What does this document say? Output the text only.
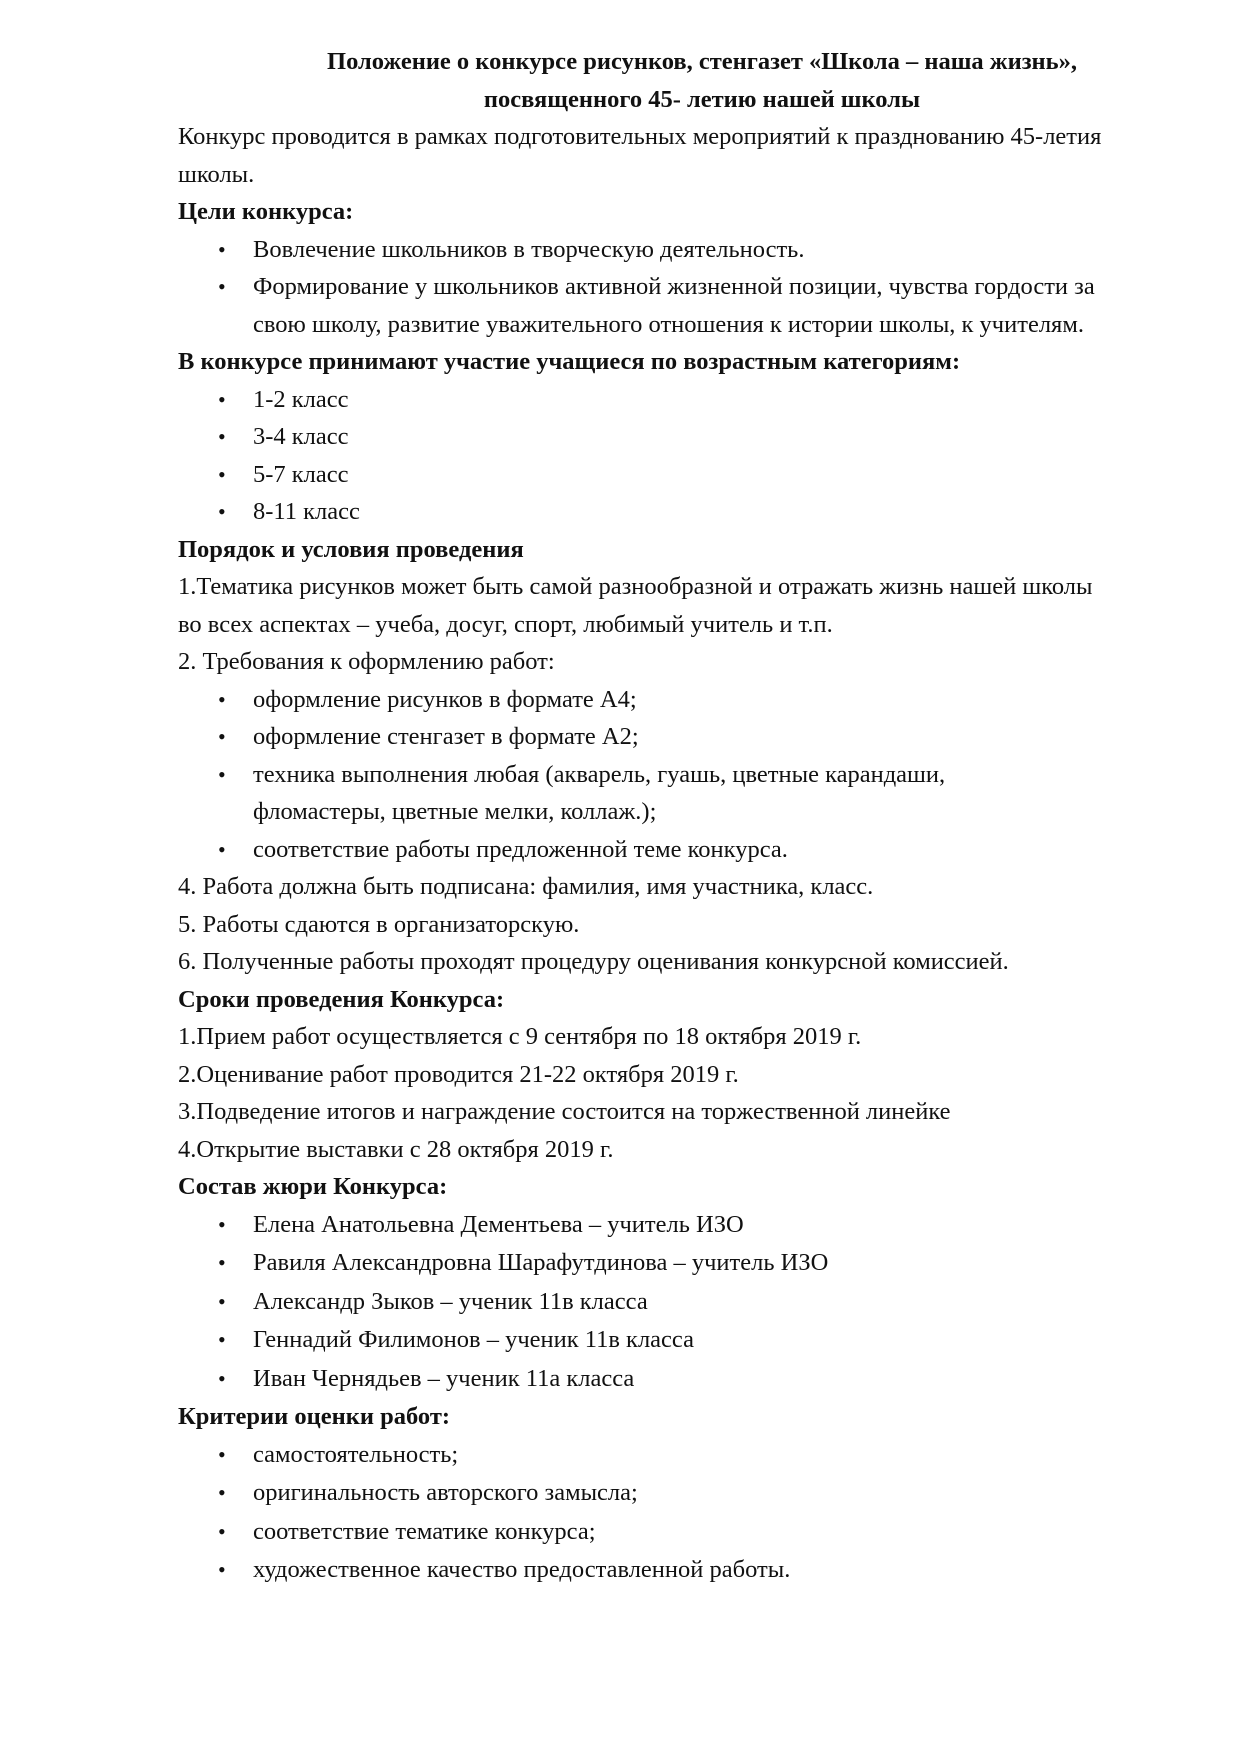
Положение о конкурсе рисунков, стенгазет «Школа – наша жизнь»,
посвященного 45- летию нашей школы

Конкурс проводится в рамках подготовительных мероприятий к празднованию 45-летия школы.

Цели конкурса:

• Вовлечение школьников в творческую деятельность.
• Формирование у школьников активной жизненной позиции, чувства гордости за свою школу, развитие уважительного отношения к истории школы, к учителям.

В конкурсе принимают участие учащиеся по возрастным категориям:

• 1-2 класс
• 3-4 класс
• 5-7 класс
• 8-11 класс

Порядок и условия проведения

1.Тематика рисунков может быть самой разнообразной и отражать жизнь нашей школы во всех аспектах – учеба, досуг, спорт, любимый учитель и т.п.

2. Требования к оформлению работ:

• оформление рисунков в формате А4;
• оформление стенгазет в формате А2;
• техника выполнения любая (акварель, гуашь, цветные карандаши, фломастеры, цветные мелки, коллаж.);
• соответствие работы предложенной теме конкурса.

4. Работа должна быть подписана: фамилия, имя участника, класс.

5. Работы сдаются в организаторскую.

6. Полученные работы проходят процедуру оценивания конкурсной комиссией.

Сроки проведения Конкурса:

1.Прием работ осуществляется с 9 сентября по 18 октября 2019 г.

2.Оценивание работ проводится 21-22 октября 2019 г.

3.Подведение итогов и награждение состоится на торжественной линейке

4.Открытие выставки с 28 октября 2019 г.

Состав жюри Конкурса:

• Елена Анатольевна Дементьева – учитель ИЗО
• Равиля Александровна Шарафутдинова – учитель ИЗО
• Александр Зыков – ученик 11в класса
• Геннадий Филимонов – ученик 11в класса
• Иван Чернядьев – ученик 11а класса

Критерии оценки работ:

• самостоятельность;
• оригинальность авторского замысла;
• соответствие тематике конкурса;
• художественное качество предоставленной работы.
